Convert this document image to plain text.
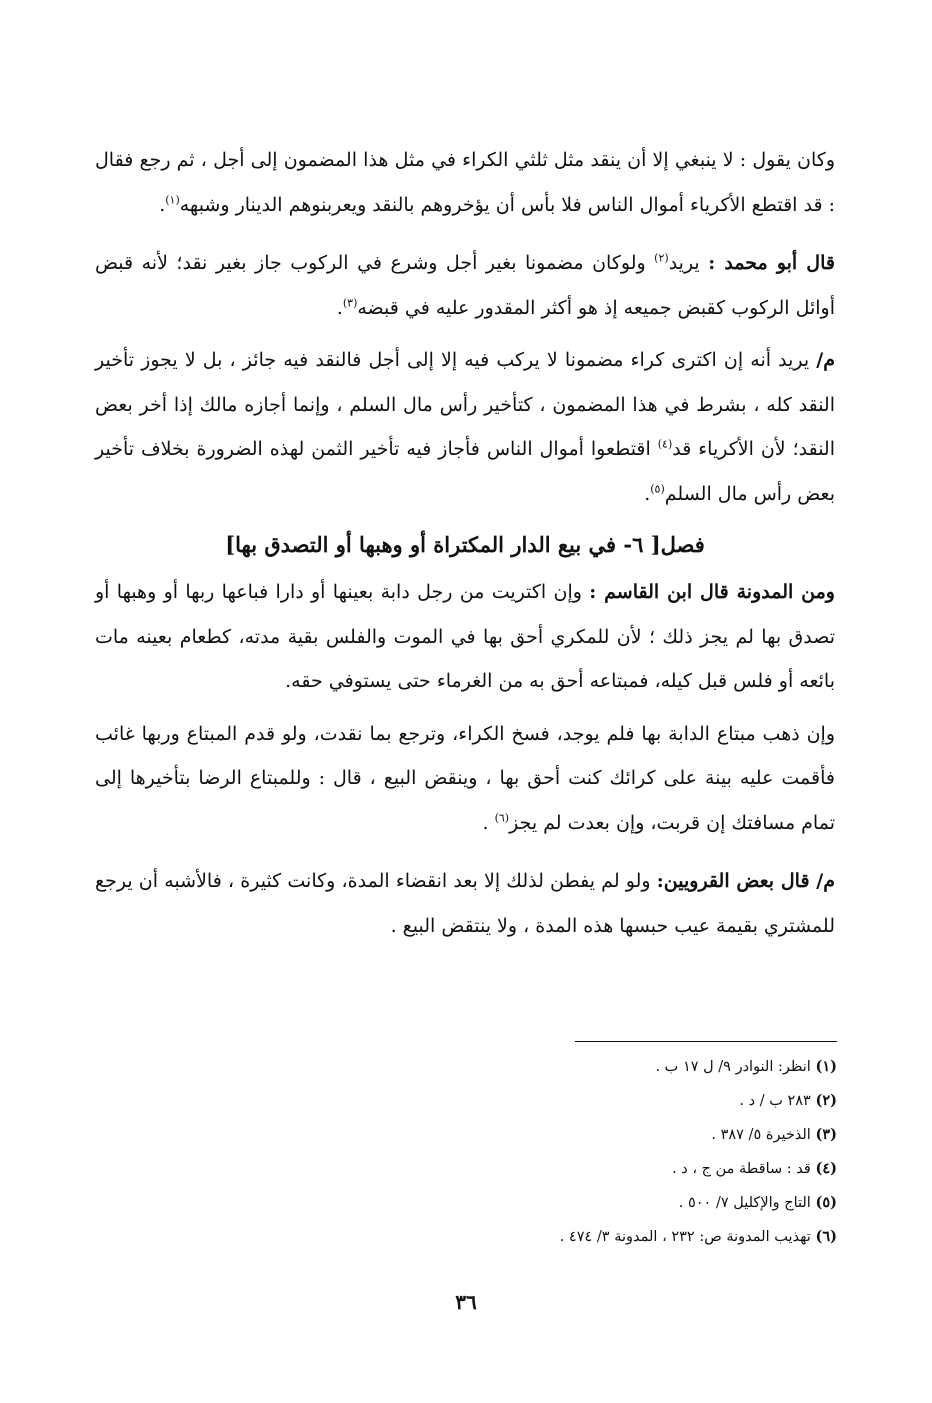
وكان يقول : لا ينبغي إلا أن ينقد مثل ثلثي الكراء في مثل هذا المضمون إلى أجل ، ثم رجع فقال : قد اقتطع الأكرياء أموال الناس فلا بأس أن يؤخروهم بالنقد ويعربنوهم الدينار وشبهه$^{(١)}$.

قال أبو محمد : يريد$^{(٢)}$ ولوكان مضمونا بغير أجل وشرع في الركوب جاز بغير نقد؛ لأنه قبض أوائل الركوب كقبض جميعه إذ هو أكثر المقدور عليه في قبضه$^{(٣)}$.

م/ يريد أنه إن اكترى كراء مضمونا لا يركب فيه إلا إلى أجل فالنقد فيه جائز ، بل لا يجوز تأخير النقد كله ، بشرط في هذا المضمون ، كتأخير رأس مال السلم ، وإنما أجازه مالك إذا أخر بعض النقد؛ لأن الأكرياء قد$^{(٤)}$ اقتطعوا أموال الناس فأجاز فيه تأخير الثمن لهذه الضرورة بخلاف تأخير بعض رأس مال السلم$^{(٥)}$.

فصل[ ٦- في بيع الدار المكتراة أو وهبها أو التصدق بها]

ومن المدونة قال ابن القاسم : وإن اكتريت من رجل دابة بعينها أو دارا فباعها ربها أو وهبها أو تصدق بها لم يجز ذلك ؛ لأن للمكري أحق بها في الموت والفلس بقية مدته، كطعام بعينه مات بائعه أو فلس قبل كيله، فمبتاعه أحق به من الغرماء حتى يستوفي حقه.

وإن ذهب مبتاع الدابة بها فلم يوجد، فسخ الكراء، وترجع بما نقدت، ولو قدم المبتاع وربها غائب فأقمت عليه بينة على كرائك كنت أحق بها ، وينقض البيع ، قال : وللمبتاع الرضا بتأخيرها إلى تمام مسافتك إن قربت، وإن بعدت لم يجز$^{(٦)}$ .

م/ قال بعض القرويين: ولو لم يفطن لذلك إلا بعد انقضاء المدة، وكانت كثيرة ، فالأشبه أن يرجع للمشتري بقيمة عيب حبسها هذه المدة ، ولا ينتقض البيع .

(١) انظر: النوادر ٩/ ل ١٧ ب .

(٢) ٢٨٣ ب / د .

(٣) الذخيرة ٥/ ٣٨٧ .

(٤) قد : ساقطة من ج ، د .

(٥) التاج والإكليل ٧/ ٥٠٠ .

(٦) تهذيب المدونة ص: ٢٣٢ ، المدونة ٣/ ٤٧٤ .

٣٦
